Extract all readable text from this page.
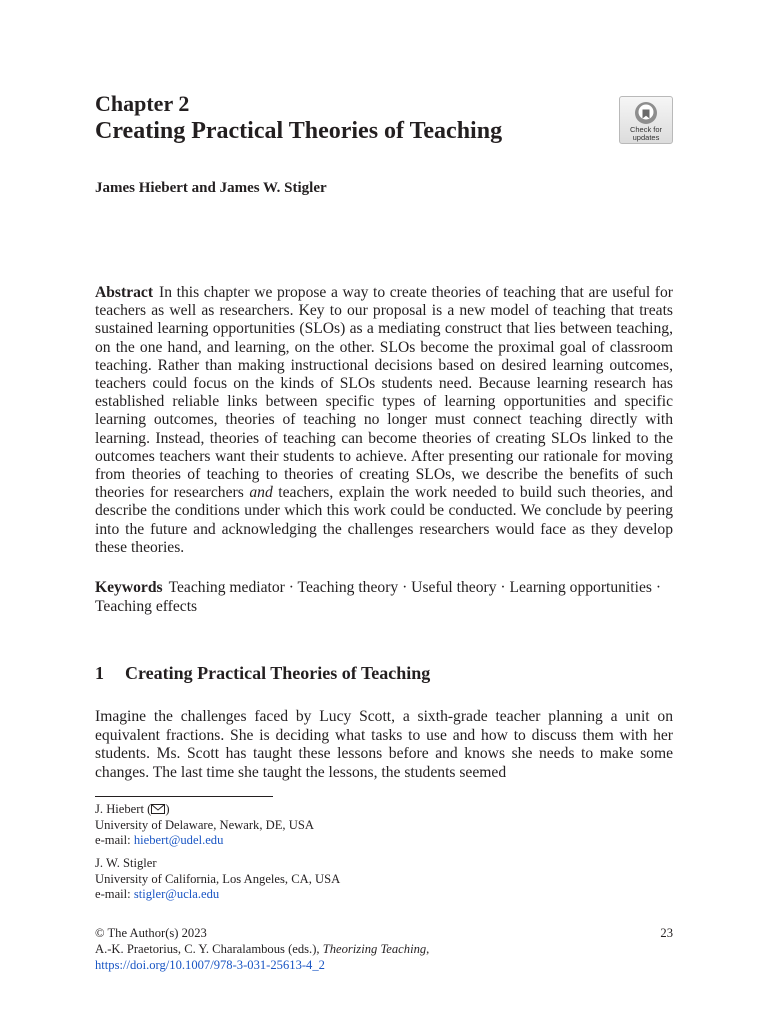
Chapter 2
Creating Practical Theories of Teaching	Check for
updates
James Hiebert and James W. Stigler

Abstract In this chapter we propose a way to create theories of teaching that are useful for teachers as well as researchers. Key to our proposal is a new model of teaching that treats sustained learning opportunities (SLOs) as a mediating construct that lies between teaching, on the one hand, and learning, on the other. SLOs become the proximal goal of classroom teaching. Rather than making instructional decisions based on desired learning outcomes, teachers could focus on the kinds of SLOs students need. Because learning research has established reliable links between specific types of learning opportunities and specific learning outcomes, theories of teaching no longer must connect teaching directly with learning. Instead, theories of teaching can become theories of creating SLOs linked to the outcomes teachers want their students to achieve. After presenting our rationale for moving from theories of teaching to theories of creating SLOs, we describe the benefits of such theories for researchers and teachers, explain the work needed to build such theories, and describe the conditions under which this work could be conducted. We conclude by peering into the future and acknowledging the challenges researchers would face as they develop these theories.

Keywords Teaching mediator · Teaching theory · Useful theory · Learning opportunities · Teaching effects
1 Creating Practical Theories of Teaching

Imagine the challenges faced by Lucy Scott, a sixth-grade teacher planning a unit on equivalent fractions. She is deciding what tasks to use and how to discuss them with her students. Ms. Scott has taught these lessons before and knows she needs to make some changes. The last time she taught the lessons, the students seemed

J. Hiebert ( )
University of Delaware, Newark, DE, USA
e-mail: hiebert@udel.edu
J. W. Stigler
University of California, Los Angeles, CA, USA
e-mail: stigler@ucla.edu
© The Author(s) 2023
A.-K. Praetorius, C. Y. Charalambous (eds.), Theorizing Teaching,
https://doi.org/10.1007/978-3-031-25613-4_2
23
